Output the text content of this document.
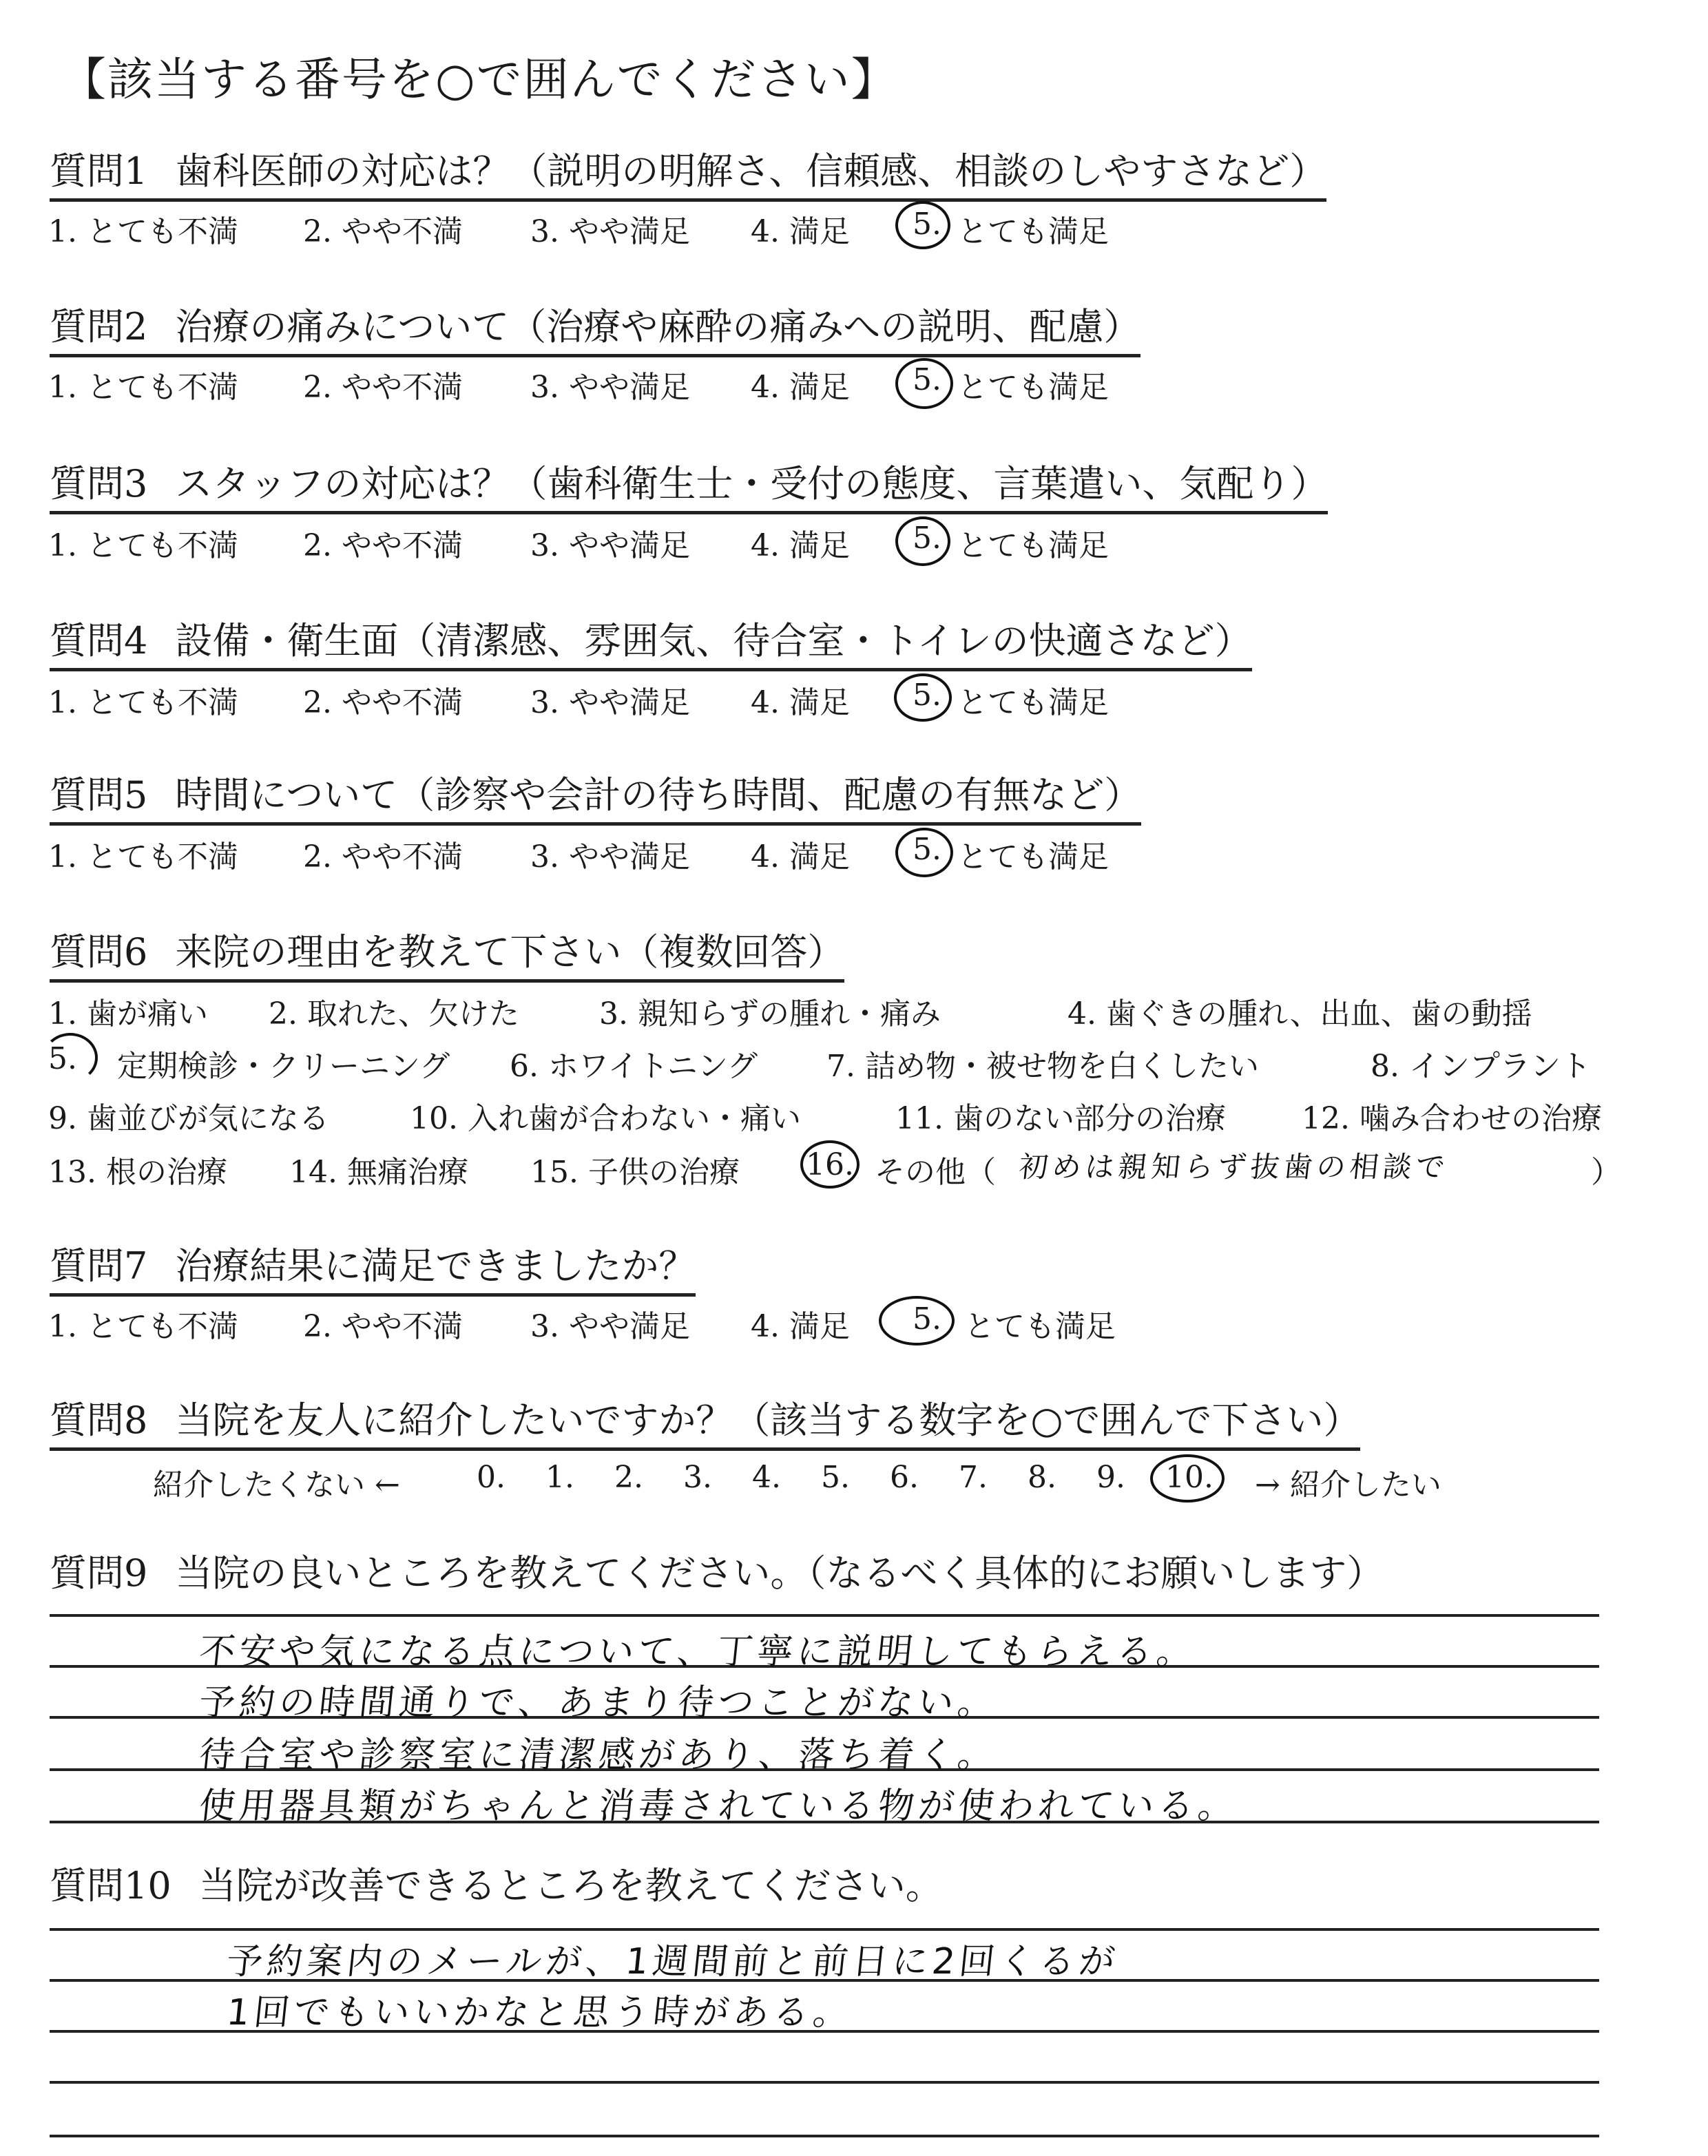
【該当する番号を○で囲んでください】
質問1 歯科医師の対応は？（説明の明解さ、信頼感、相談のしやすさなど）
1. とても不満 2. やや不満 3. やや満足 4. 満足 5. とても満足
質問2 治療の痛みについて（治療や麻酔の痛みへの説明、配慮）
1. とても不満 2. やや不満 3. やや満足 4. 満足 5. とても満足
質問3 スタッフの対応は？（歯科衛生士・受付の態度、言葉遣い、気配り）
1. とても不満 2. やや不満 3. やや満足 4. 満足 5. とても満足
質問4 設備・衛生面（清潔感、雰囲気、待合室・トイレの快適さなど）
1. とても不満 2. やや不満 3. やや満足 4. 満足 5. とても満足
質問5 時間について（診察や会計の待ち時間、配慮の有無など）
1. とても不満 2. やや不満 3. やや満足 4. 満足 5. とても満足
質問6 来院の理由を教えて下さい（複数回答）
1. 歯が痛い 2. 取れた、欠けた	3. 親知らずの腫れ・痛み	4. 歯ぐきの腫れ、出血、歯の動揺
5. 定期検診・クリーニング 6. ホワイトニング 7. 詰め物・被せ物を白くしたい	8. インプラント
9. 歯並びが気になる	10. 入れ歯が合わない・痛い	11. 歯のない部分の治療	12. 噛み合わせの治療
13. 根の治療 14. 無痛治療 15. 子供の治療 16. その他（	）
初めは親知らず抜歯の相談で
質問7 治療結果に満足できましたか？
1. とても不満 2. やや不満 3. やや満足 4. 満足 5. とても満足
質問8 当院を友人に紹介したいですか？（該当する数字を○で囲んで下さい）
紹介したくない ←	0. 1. 2. 3. 4. 5. 6. 7. 8. 9. 10. → 紹介したい
質問9 当院の良いところを教えてください。（なるべく具体的にお願いします）
不安や気になる点について、丁寧に説明してもらえる。
予約の時間通りで、あまり待つことがない。
待合室や診察室に清潔感があり、落ち着く。
使用器具類がちゃんと消毒されている物が使われている。
質問10 当院が改善できるところを教えてください。
予約案内のメールが、1週間前と前日に2回くるが
1回でもいいかなと思う時がある。
